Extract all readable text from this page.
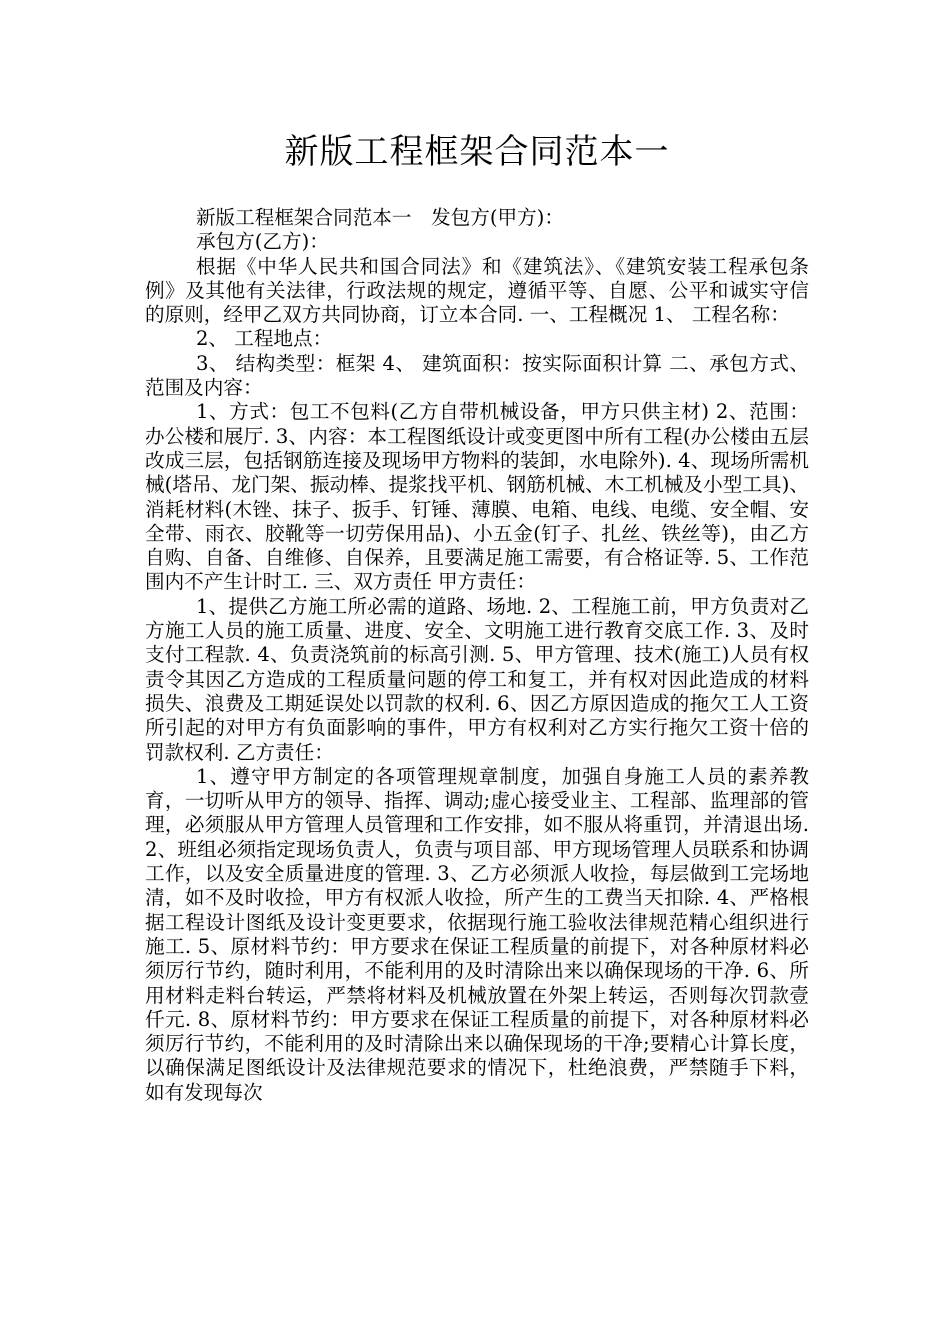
新版工程框架合同范本一

新版工程框架合同范本一　发包方(甲方)：

承包方(乙方)：

根据《中华人民共和国合同法》和《建筑法》、《建筑安装工程承包条例》及其他有关法律，行政法规的规定，遵循平等、自愿、公平和诚实守信的原则，经甲乙双方共同协商，订立本合同. 一、工程概况 1、 工程名称：

2、 工程地点：

3、 结构类型：框架 4、 建筑面积：按实际面积计算 二、承包方式、范围及内容：

1、方式：包工不包料(乙方自带机械设备，甲方只供主材) 2、范围：办公楼和展厅. 3、内容：本工程图纸设计或变更图中所有工程(办公楼由五层改成三层，包括钢筋连接及现场甲方物料的装卸，水电除外). 4、现场所需机械(塔吊、龙门架、振动棒、提浆找平机、钢筋机械、木工机械及小型工具)、消耗材料(木锉、抹子、扳手、钉锤、薄膜、电箱、电线、电缆、安全帽、安全带、雨衣、胶靴等一切劳保用品)、小五金(钉子、扎丝、铁丝等)，由乙方自购、自备、自维修、自保养，且要满足施工需要，有合格证等. 5、工作范围内不产生计时工. 三、双方责任 甲方责任：

1、提供乙方施工所必需的道路、场地. 2、工程施工前，甲方负责对乙方施工人员的施工质量、进度、安全、文明施工进行教育交底工作. 3、及时支付工程款. 4、负责浇筑前的标高引测. 5、甲方管理、技术(施工)人员有权责令其因乙方造成的工程质量问题的停工和复工，并有权对因此造成的材料损失、浪费及工期延误处以罚款的权利. 6、因乙方原因造成的拖欠工人工资所引起的对甲方有负面影响的事件，甲方有权利对乙方实行拖欠工资十倍的罚款权利. 乙方责任：

1、遵守甲方制定的各项管理规章制度，加强自身施工人员的素养教育，一切听从甲方的领导、指挥、调动;虚心接受业主、工程部、监理部的管理，必须服从甲方管理人员管理和工作安排，如不服从将重罚，并清退出场. 2、班组必须指定现场负责人，负责与项目部、甲方现场管理人员联系和协调工作，以及安全质量进度的管理. 3、乙方必须派人收捡，每层做到工完场地清，如不及时收捡，甲方有权派人收捡，所产生的工费当天扣除. 4、严格根据工程设计图纸及设计变更要求，依据现行施工验收法律规范精心组织进行施工. 5、原材料节约：甲方要求在保证工程质量的前提下，对各种原材料必须厉行节约，随时利用，不能利用的及时清除出来以确保现场的干净. 6、所用材料走料台转运，严禁将材料及机械放置在外架上转运，否则每次罚款壹仟元. 8、原材料节约：甲方要求在保证工程质量的前提下，对各种原材料必须厉行节约，不能利用的及时清除出来以确保现场的干净;要精心计算长度，以确保满足图纸设计及法律规范要求的情况下，杜绝浪费，严禁随手下料，如有发现每次
